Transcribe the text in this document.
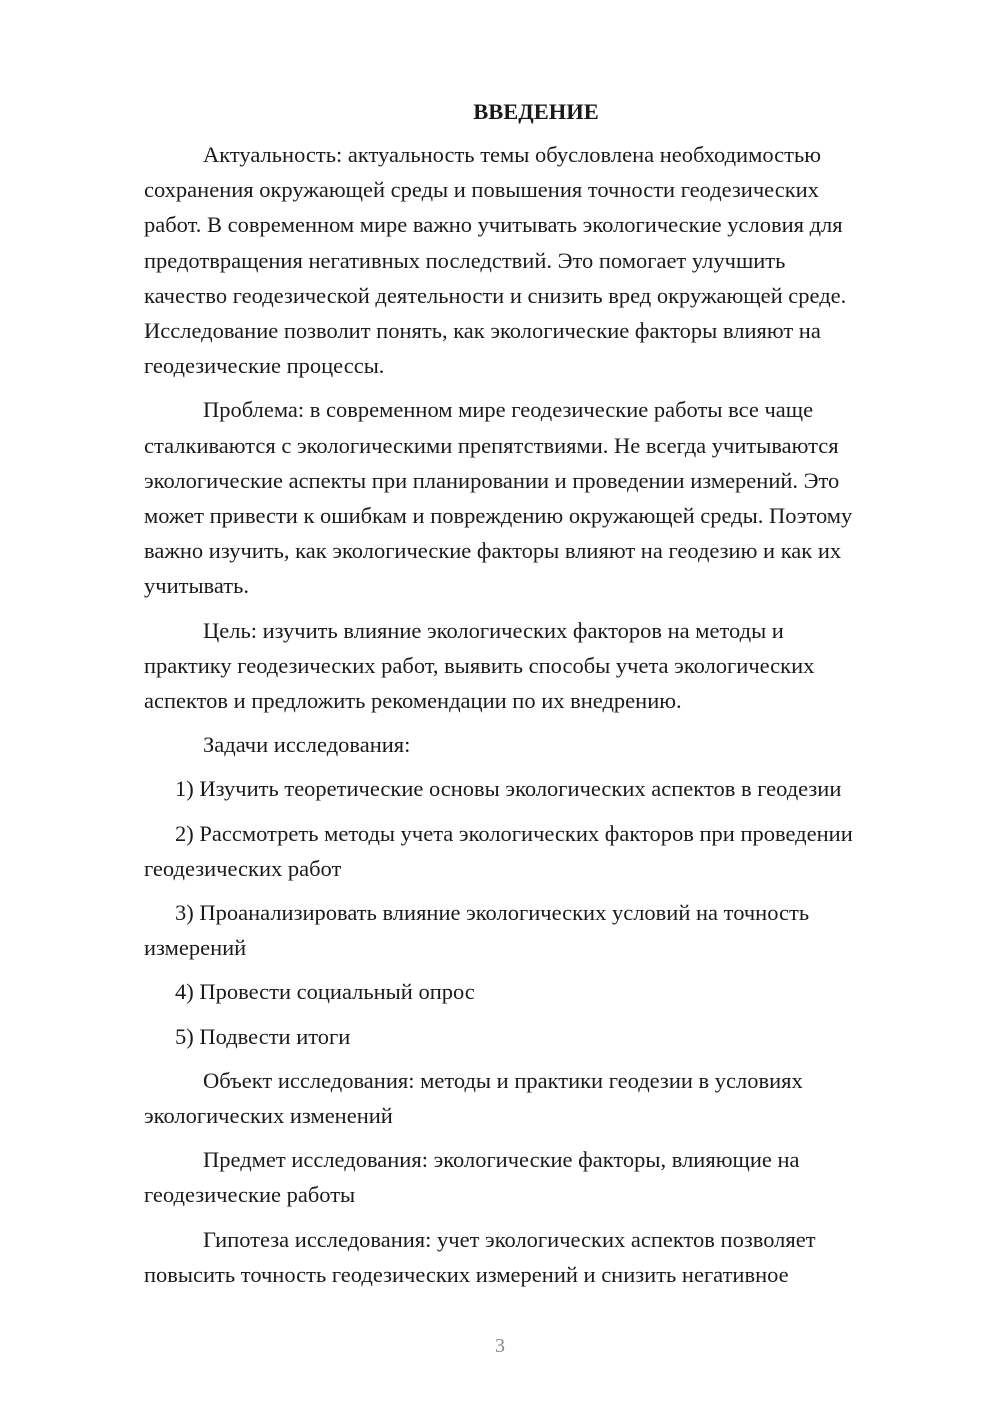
ВВЕДЕНИЕ

Актуальность: актуальность темы обусловлена необходимостью
сохранения окружающей среды и повышения точности геодезических
работ. В современном мире важно учитывать экологические условия для
предотвращения негативных последствий. Это помогает улучшить
качество геодезической деятельности и снизить вред окружающей среде.
Исследование позволит понять, как экологические факторы влияют на
геодезические процессы.

Проблема: в современном мире геодезические работы все чаще
сталкиваются с экологическими препятствиями. Не всегда учитываются
экологические аспекты при планировании и проведении измерений. Это
может привести к ошибкам и повреждению окружающей среды. Поэтому
важно изучить, как экологические факторы влияют на геодезию и как их
учитывать.

Цель: изучить влияние экологических факторов на методы и
практику геодезических работ, выявить способы учета экологических
аспектов и предложить рекомендации по их внедрению.

Задачи исследования:

1) Изучить теоретические основы экологических аспектов в геодезии

2) Рассмотреть методы учета экологических факторов при проведении
геодезических работ

3) Проанализировать влияние экологических условий на точность
измерений

4) Провести социальный опрос

5) Подвести итоги

Объект исследования: методы и практики геодезии в условиях
экологических изменений

Предмет исследования: экологические факторы, влияющие на
геодезические работы

Гипотеза исследования: учет экологических аспектов позволяет
повысить точность геодезических измерений и снизить негативное

3
